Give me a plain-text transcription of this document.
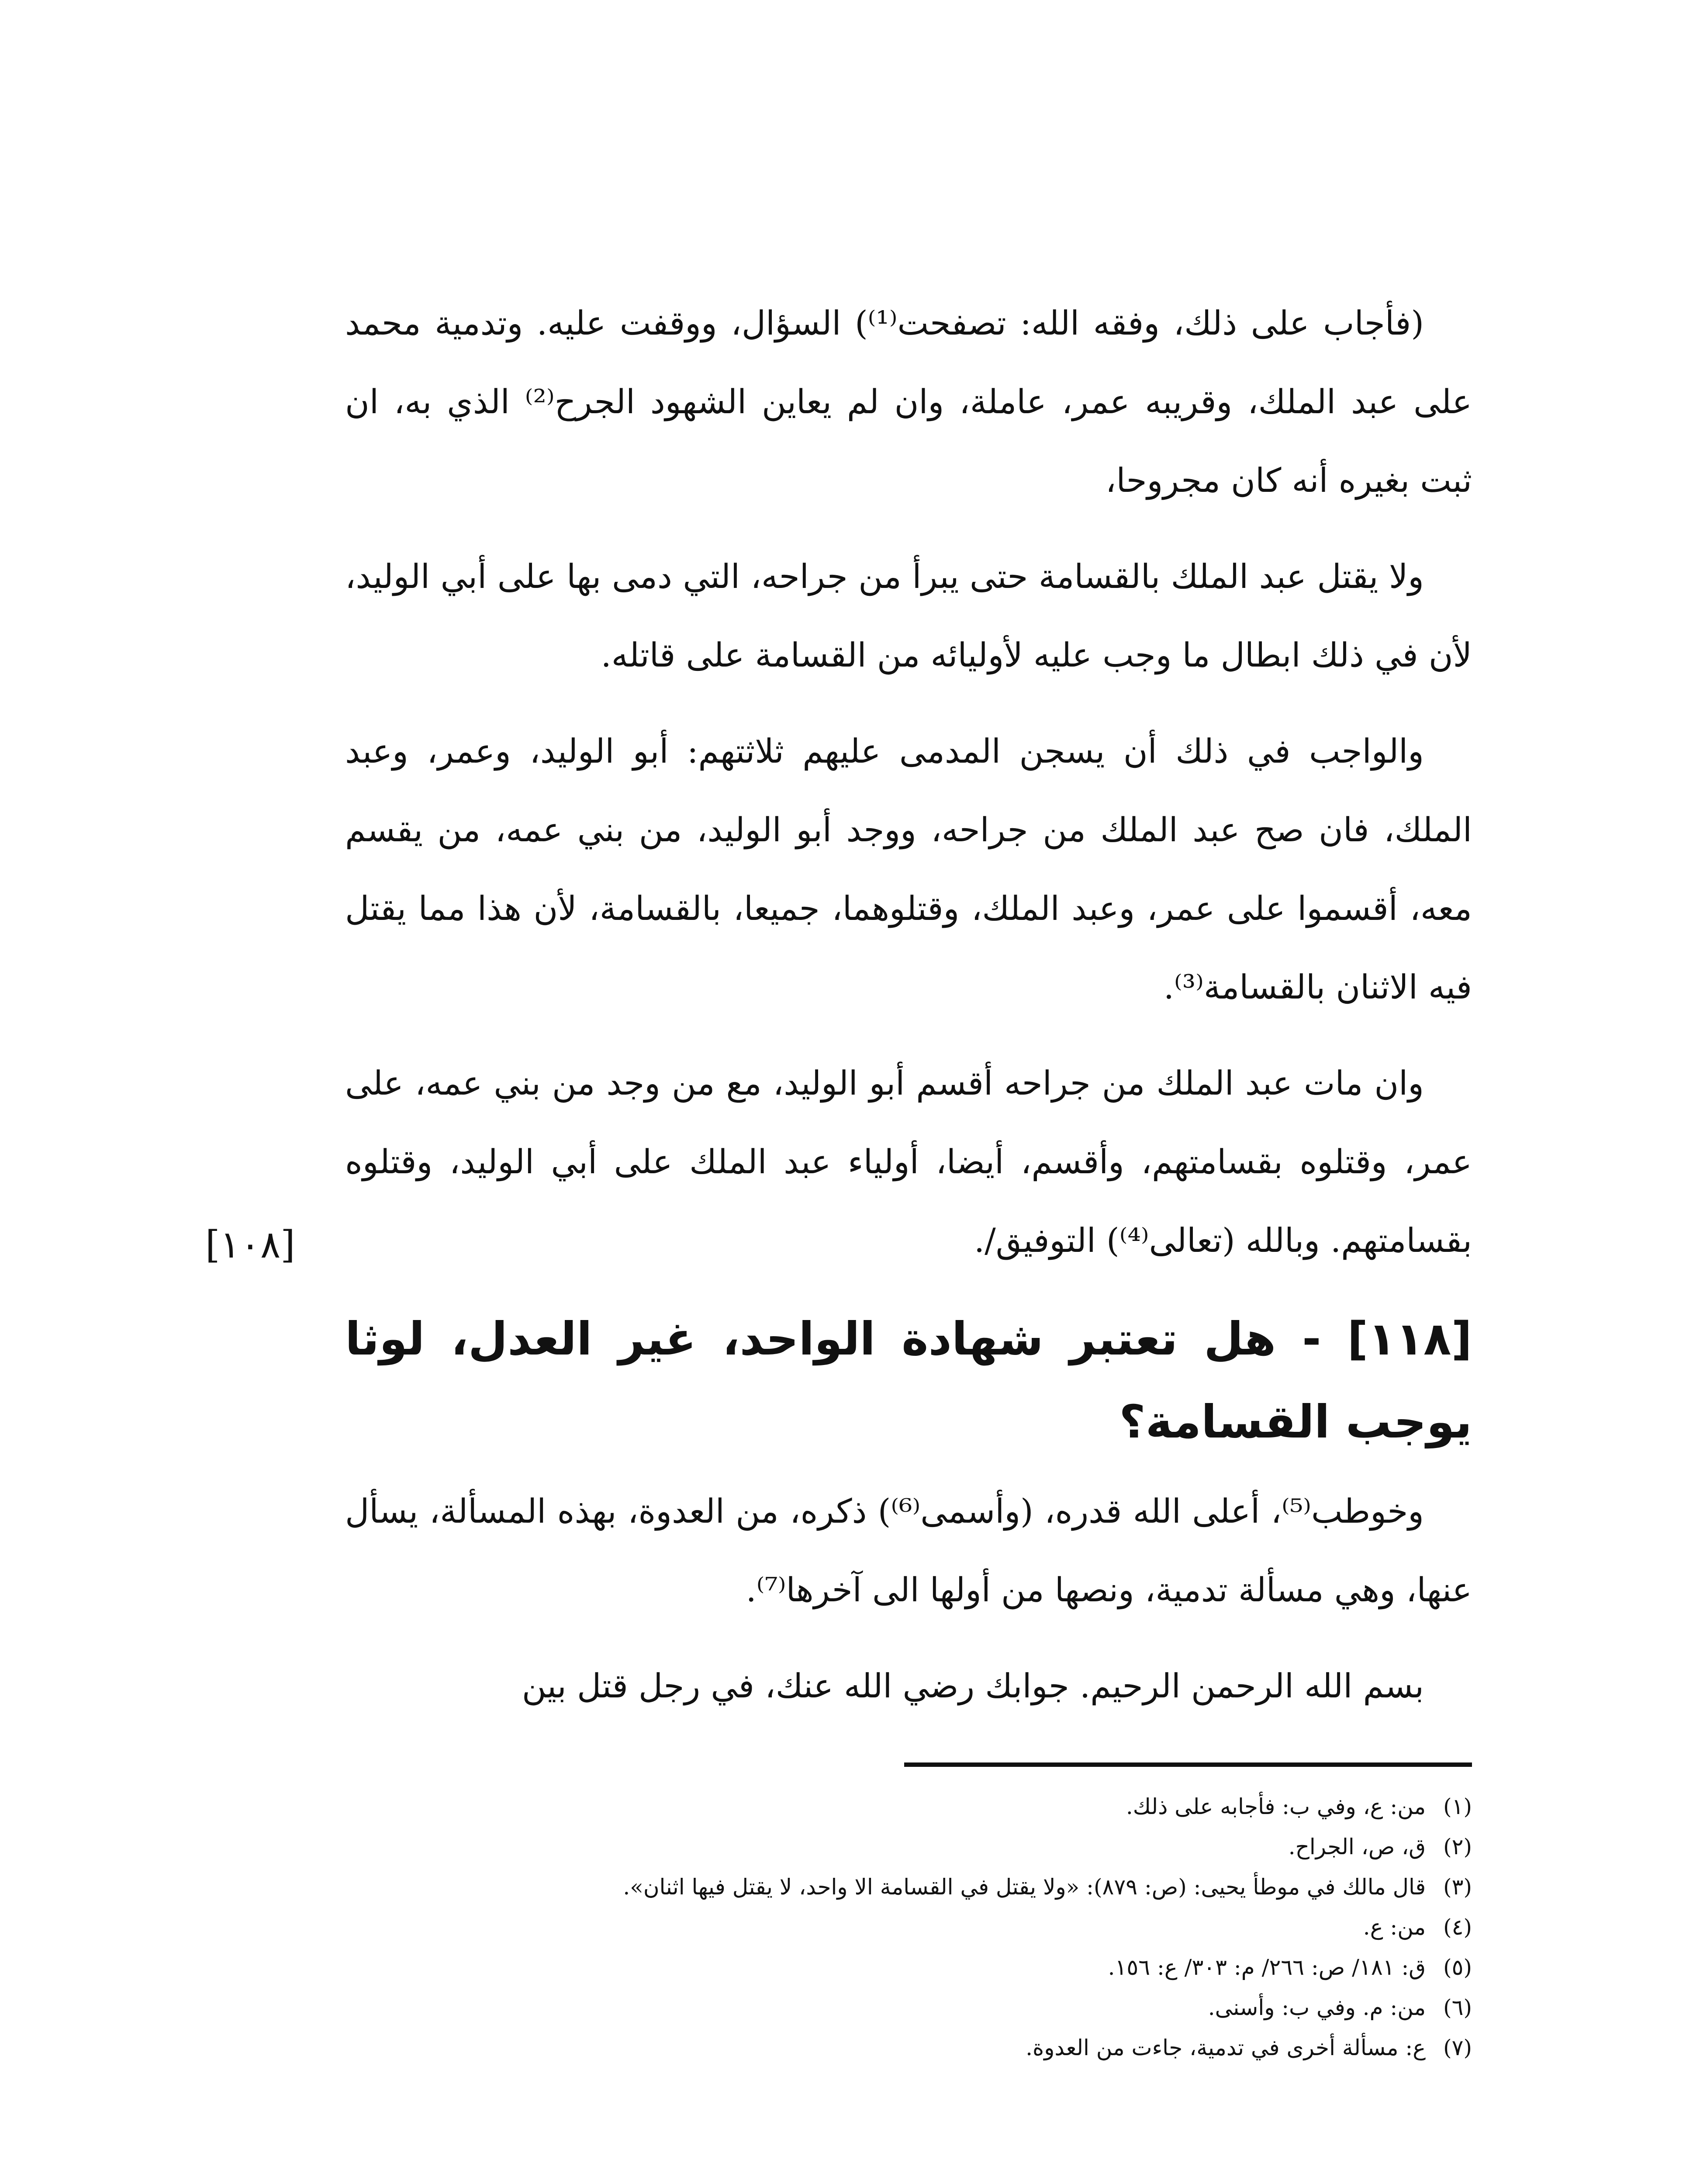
(فأجاب على ذلك، وفقه الله: تصفحت⁽¹⁾) السؤال، ووقفت عليه. وتدمية محمد على عبد الملك، وقريبه عمر، عاملة، وان لم يعاين الشهود الجرح⁽²⁾ الذي به، ان ثبت بغيره أنه كان مجروحا،

ولا يقتل عبد الملك بالقسامة حتى يبرأ من جراحه، التي دمى بها على أبي الوليد، لأن في ذلك ابطال ما وجب عليه لأوليائه من القسامة على قاتله.

والواجب في ذلك أن يسجن المدمى عليهم ثلاثتهم: أبو الوليد، وعمر، وعبد الملك، فان صح عبد الملك من جراحه، ووجد أبو الوليد، من بني عمه، من يقسم معه، أقسموا على عمر، وعبد الملك، وقتلوهما، جميعا، بالقسامة، لأن هذا مما يقتل فيه الاثنان بالقسامة⁽³⁾.

وان مات عبد الملك من جراحه أقسم أبو الوليد، مع من وجد من بني عمه، على عمر، وقتلوه بقسامتهم، وأقسم، أيضا، أولياء عبد الملك على أبي الوليد، وقتلوه بقسامتهم. وبالله (تعالى⁽⁴⁾) التوفيق/.

[١١٨] - هل تعتبر شهادة الواحد، غير العدل، لوثا يوجب القسامة؟

وخوطب⁽⁵⁾، أعلى الله قدره، (وأسمى⁽⁶⁾) ذكره، من العدوة، بهذه المسألة، يسأل عنها، وهي مسألة تدمية، ونصها من أولها الى آخرها⁽⁷⁾.

بسم الله الرحمن الرحيم. جوابك رضي الله عنك، في رجل قتل بين

[١٠٨]

(١)من: ع، وفي ب: فأجابه على ذلك.

(٢)ق، ص، الجراح.

(٣)قال مالك في موطأ يحيى: (ص: ٨٧٩): «ولا يقتل في القسامة الا واحد، لا يقتل فيها اثنان».

(٤)من: ع.

(٥)ق: ١٨١/ ص: ٢٦٦/ م: ٣٠٣/ ع: ١٥٦.

(٦)من: م. وفي ب: وأسنى.

(٧)ع: مسألة أخرى في تدمية، جاءت من العدوة.
